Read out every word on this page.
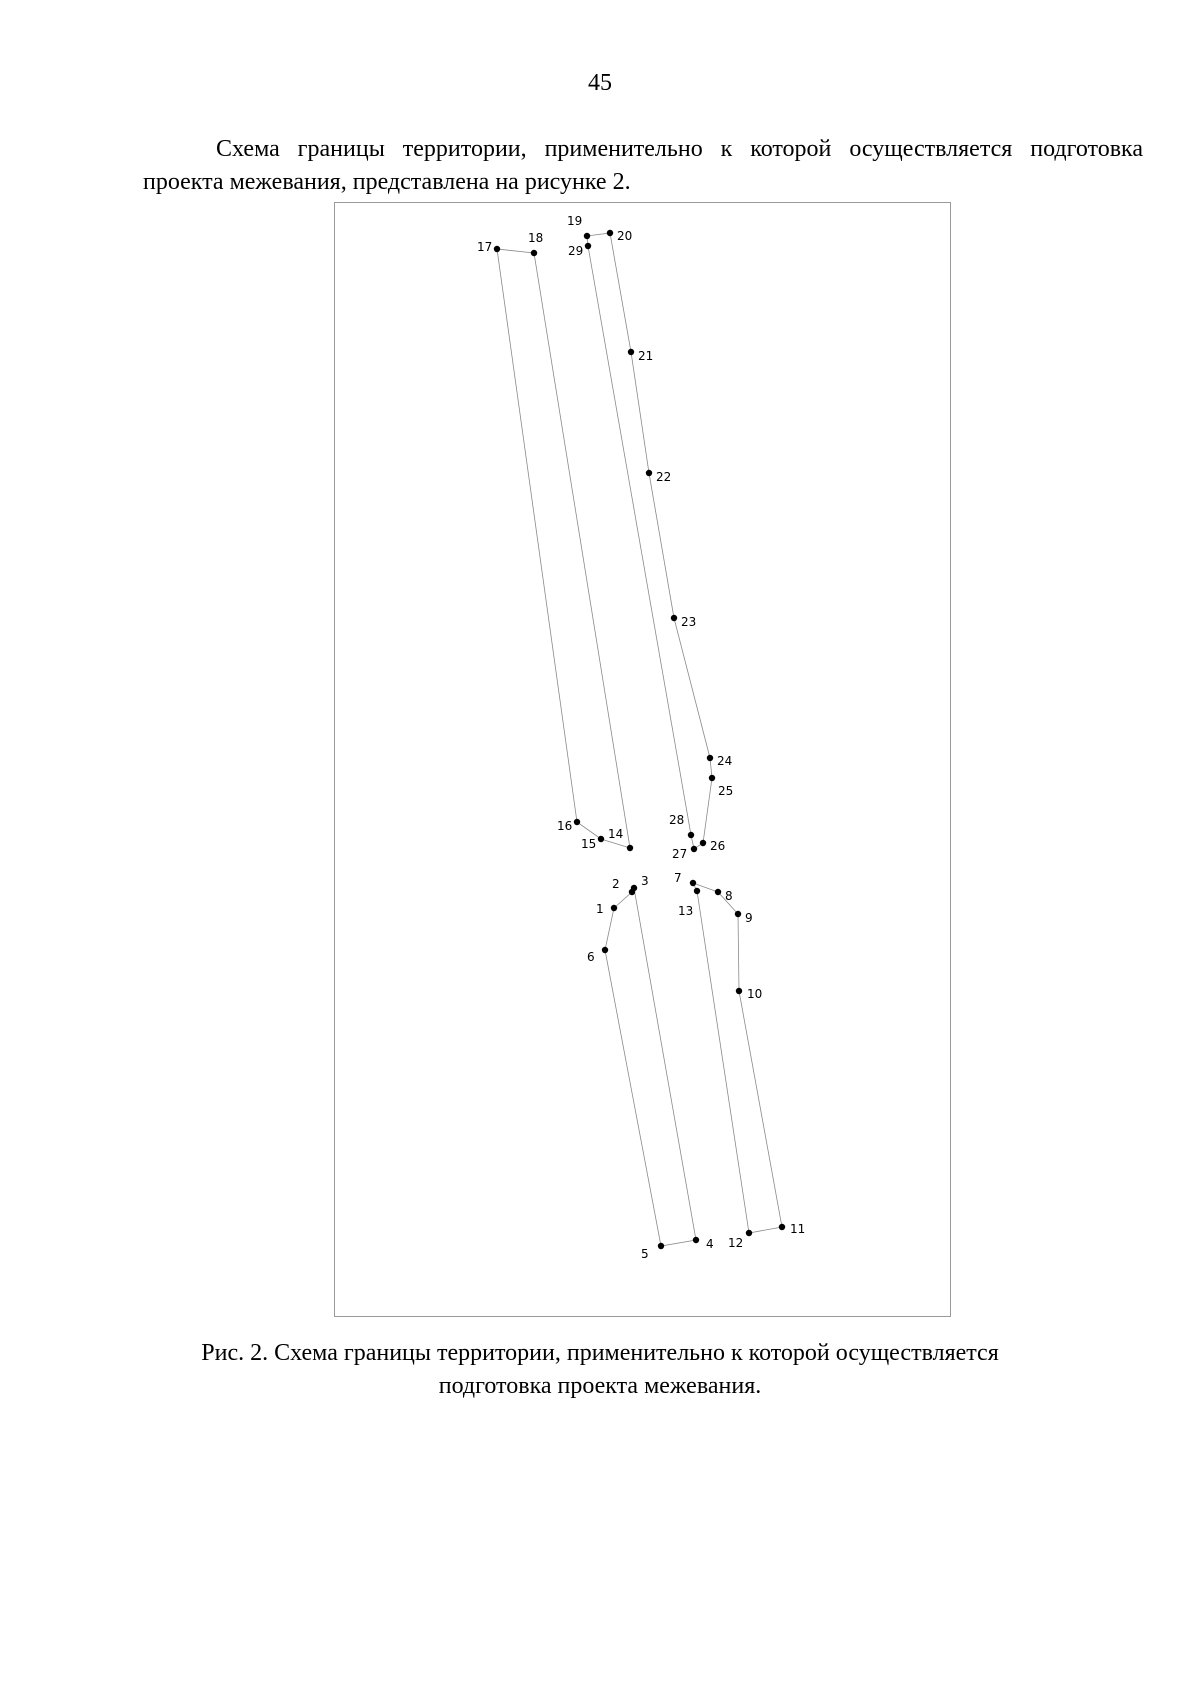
45

Схема границы территории, применительно к которой осуществляется подготовка проекта межевания, представлена на рисунке 2.

1
2 3
4
5
6
7
8
9
10
11
12
13
14
15
16
17
18
19
20
21
22
23
24
25
26
27
28
29
Рис. 2. Схема границы территории, применительно к которой осуществляется
подготовка проекта межевания.
